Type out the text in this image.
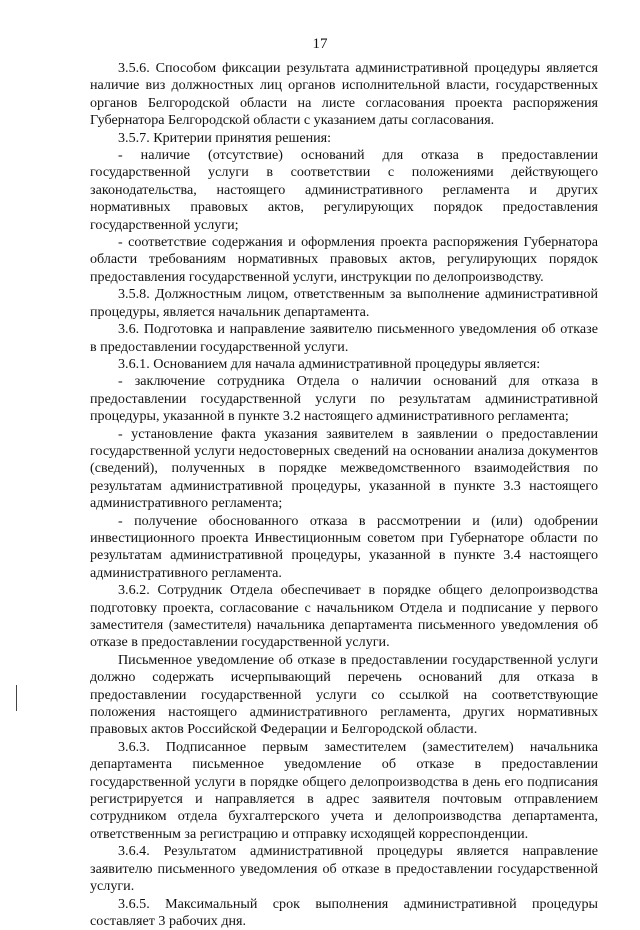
17

3.5.6. Способом фиксации результата административной процедуры является наличие виз должностных лиц органов исполнительной власти, государственных органов Белгородской области на листе согласования проекта распоряжения Губернатора Белгородской области с указанием даты согласования.

3.5.7. Критерии принятия решения:

- наличие (отсутствие) оснований для отказа в предоставлении государственной услуги в соответствии с положениями действующего законодательства, настоящего административного регламента и других нормативных правовых актов, регулирующих порядок предоставления государственной услуги;

- соответствие содержания и оформления проекта распоряжения Губернатора области требованиям нормативных правовых актов, регулирующих порядок предоставления государственной услуги, инструкции по делопроизводству.

3.5.8. Должностным лицом, ответственным за выполнение административной процедуры, является начальник департамента.

3.6. Подготовка и направление заявителю письменного уведомления об отказе в предоставлении государственной услуги.

3.6.1. Основанием для начала административной процедуры является:

- заключение сотрудника Отдела о наличии оснований для отказа в предоставлении государственной услуги по результатам административной процедуры, указанной в пункте 3.2 настоящего административного регламента;

- установление факта указания заявителем в заявлении о предоставлении государственной услуги недостоверных сведений на основании анализа документов (сведений), полученных в порядке межведомственного взаимодействия по результатам административной процедуры, указанной в пункте 3.3 настоящего административного регламента;

- получение обоснованного отказа в рассмотрении и (или) одобрении инвестиционного проекта Инвестиционным советом при Губернаторе области по результатам административной процедуры, указанной в пункте 3.4 настоящего административного регламента.

3.6.2. Сотрудник Отдела обеспечивает в порядке общего делопроизводства подготовку проекта, согласование с начальником Отдела и подписание у первого заместителя (заместителя) начальника департамента письменного уведомления об отказе в предоставлении государственной услуги.

Письменное уведомление об отказе в предоставлении государственной услуги должно содержать исчерпывающий перечень оснований для отказа в предоставлении государственной услуги со ссылкой на соответствующие положения настоящего административного регламента, других нормативных правовых актов Российской Федерации и Белгородской области.

3.6.3. Подписанное первым заместителем (заместителем) начальника департамента письменное уведомление об отказе в предоставлении государственной услуги в порядке общего делопроизводства в день его подписания регистрируется и направляется в адрес заявителя почтовым отправлением сотрудником отдела бухгалтерского учета и делопроизводства департамента, ответственным за регистрацию и отправку исходящей корреспонденции.

3.6.4. Результатом административной процедуры является направление заявителю письменного уведомления об отказе в предоставлении государственной услуги.

3.6.5. Максимальный срок выполнения административной процедуры составляет 3 рабочих дня.
